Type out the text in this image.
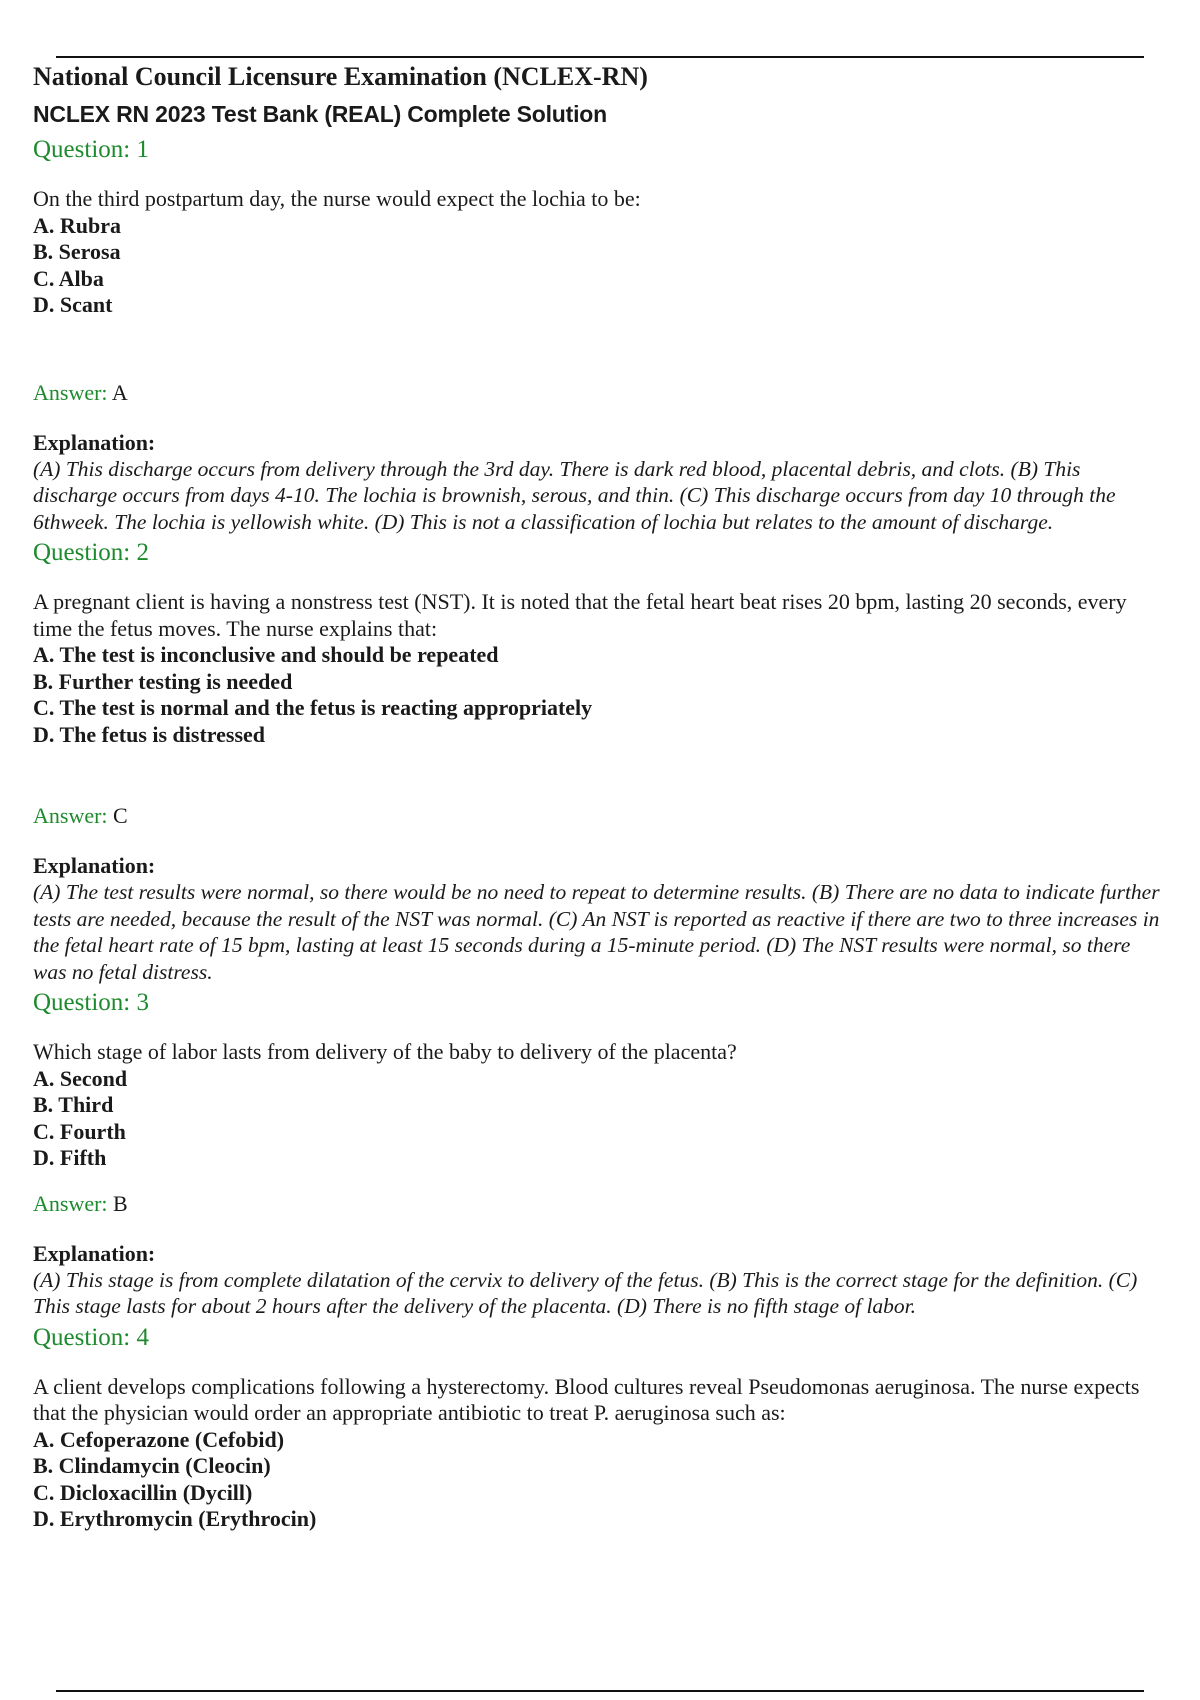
National Council Licensure Examination (NCLEX-RN)
NCLEX RN 2023 Test Bank (REAL) Complete Solution
Question: 1
On the third postpartum day, the nurse would expect the lochia to be:
A. Rubra
B. Serosa
C. Alba
D. Scant
Answer: A
Explanation:
(A) This discharge occurs from delivery through the 3rd day. There is dark red blood, placental debris, and clots. (B) This discharge occurs from days 4-10. The lochia is brownish, serous, and thin. (C) This discharge occurs from day 10 through the 6thweek. The lochia is yellowish white. (D) This is not a classification of lochia but relates to the amount of discharge.
Question: 2
A pregnant client is having a nonstress test (NST). It is noted that the fetal heart beat rises 20 bpm, lasting 20 seconds, every time the fetus moves. The nurse explains that:
A. The test is inconclusive and should be repeated
B. Further testing is needed
C. The test is normal and the fetus is reacting appropriately
D. The fetus is distressed
Answer: C
Explanation:
(A) The test results were normal, so there would be no need to repeat to determine results. (B) There are no data to indicate further tests are needed, because the result of the NST was normal. (C) An NST is reported as reactive if there are two to three increases in the fetal heart rate of 15 bpm, lasting at least 15 seconds during a 15-minute period. (D) The NST results were normal, so there was no fetal distress.
Question: 3
Which stage of labor lasts from delivery of the baby to delivery of the placenta?
A. Second
B. Third
C. Fourth
D. Fifth
Answer: B
Explanation:
(A) This stage is from complete dilatation of the cervix to delivery of the fetus. (B) This is the correct stage for the definition. (C) This stage lasts for about 2 hours after the delivery of the placenta. (D) There is no fifth stage of labor.
Question: 4
A client develops complications following a hysterectomy. Blood cultures reveal Pseudomonas aeruginosa. The nurse expects that the physician would order an appropriate antibiotic to treat P. aeruginosa such as:
A. Cefoperazone (Cefobid)
B. Clindamycin (Cleocin)
C. Dicloxacillin (Dycill)
D. Erythromycin (Erythrocin)
